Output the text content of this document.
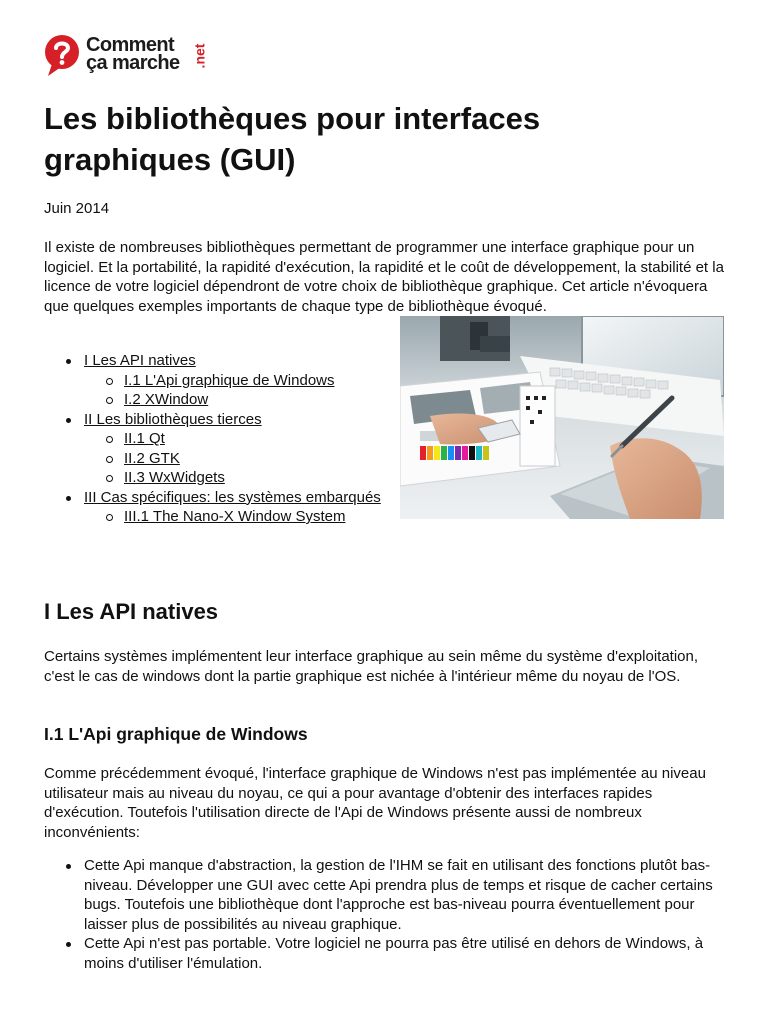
Comment
ça marche .net
Les bibliothèques pour interfaces graphiques (GUI)

Juin 2014

Il existe de nombreuses bibliothèques permettant de programmer une interface graphique pour un logiciel. Et la portabilité, la rapidité d'exécution, la rapidité et le coût de développement, la stabilité et la licence de votre logiciel dépendront de votre choix de bibliothèque graphique. Cet article n'évoquera que quelques exemples importants de chaque type de bibliothèque évoqué.

I Les API natives
I.1 L'Api graphique de Windows
I.2 XWindow
II Les bibliothèques tierces
II.1 Qt
II.2 GTK
II.3 WxWidgets
III Cas spécifiques: les systèmes embarqués
III.1 The Nano-X Window System
I Les API natives

Certains systèmes implémentent leur interface graphique au sein même du système d'exploitation, c'est le cas de windows dont la partie graphique est nichée à l'intérieur même du noyau de l'OS.

I.1 L'Api graphique de Windows

Comme précédemment évoqué, l'interface graphique de Windows n'est pas implémentée au niveau utilisateur mais au niveau du noyau, ce qui a pour avantage d'obtenir des interfaces rapides d'exécution. Toutefois l'utilisation directe de l'Api de Windows présente aussi de nombreux inconvénients:

Cette Api manque d'abstraction, la gestion de l'IHM se fait en utilisant des fonctions plutôt bas-niveau. Développer une GUI avec cette Api prendra plus de temps et risque de cacher certains bugs. Toutefois une bibliothèque dont l'approche est bas-niveau pourra éventuellement pour laisser plus de possibilités au niveau graphique.
Cette Api n'est pas portable. Votre logiciel ne pourra pas être utilisé en dehors de Windows, à moins d'utiliser l'émulation.
